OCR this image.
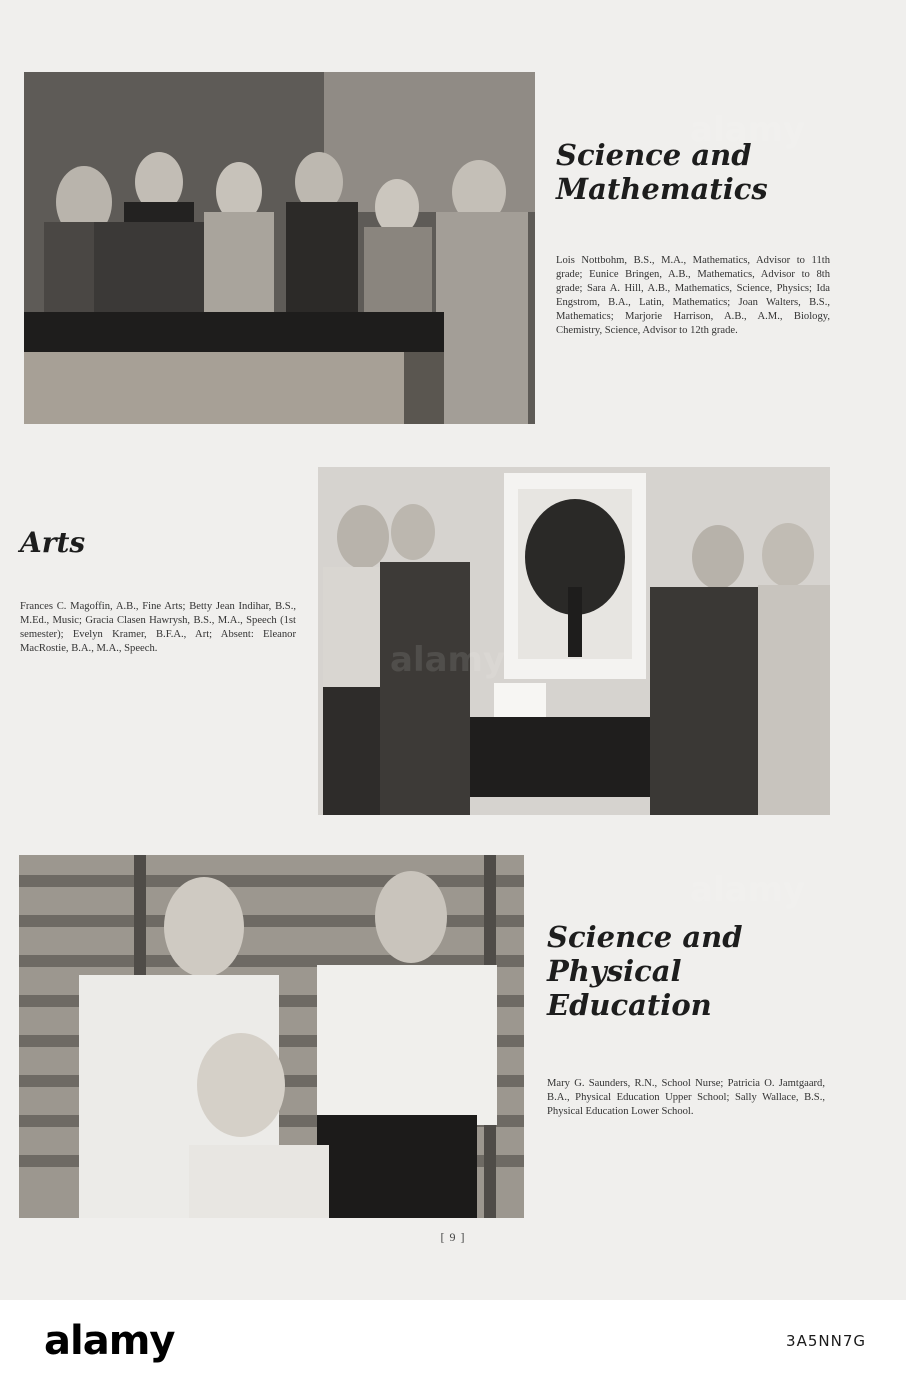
Science and
Mathematics

Lois Nottbohm, B.S., M.A., Mathematics, Advisor to 11th grade; Eunice Bringen, A.B., Mathematics, Advisor to 8th grade; Sara A. Hill, A.B., Mathematics, Science, Physics; Ida Engstrom, B.A., Latin, Mathematics; Joan Walters, B.S., Mathematics; Marjorie Harrison, A.B., A.M., Biology, Chemistry, Science, Advisor to 12th grade.

Arts

Frances C. Magoffin, A.B., Fine Arts; Betty Jean Indihar, B.S., M.Ed., Music; Gracia Clasen Hawrysh, B.S., M.A., Speech (1st semester); Evelyn Kramer, B.F.A., Art; Absent: Eleanor MacRostie, B.A., M.A., Speech.

Science and
Physical
Education

Mary G. Saunders, R.N., School Nurse; Patricia O. Jamtgaard, B.A., Physical Education Upper School; Sally Wallace, B.S., Physical Education Lower School.

[ 9 ]
alamy
alamy
alamy	3A5NN7G
